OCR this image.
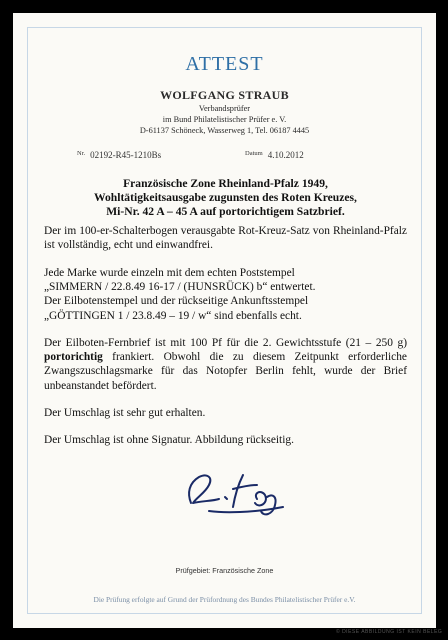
ATTEST
WOLFGANG STRAUB
Verbandsprüfer
im Bund Philatelistischer Prüfer e. V.
D-61137 Schöneck, Wasserweg 1, Tel. 06187 4445
$^{Nr.}$ 02192-R45-1210Bs	$^{Datum}$ 4.10.2012
Französische Zone Rheinland-Pfalz 1949,
Wohltätigkeitsausgabe zugunsten des Roten Kreuzes,
Mi-Nr. 42 A – 45 A auf portorichtigem Satzbrief.
Der im 100-er-Schalterbogen verausgabte Rot-Kreuz-Satz von Rheinland-Pfalz ist vollständig, echt und einwandfrei.
Jede Marke wurde einzeln mit dem echten Poststempel
„SIMMERN / 22.8.49 16-17 / (HUNSRÜCK) b“ entwertet.
Der Eilbotenstempel und der rückseitige Ankunftsstempel
„GÖTTINGEN 1 / 23.8.49 – 19 / w“ sind ebenfalls echt.
Der Eilboten-Fernbrief ist mit 100 Pf für die 2. Gewichtsstufe (21 – 250 g) portorichtig frankiert. Obwohl die zu diesem Zeitpunkt erforderliche Zwangszuschlagsmarke für das Notopfer Berlin fehlt, wurde der Brief unbeanstandet befördert.
Der Umschlag ist sehr gut erhalten.
Der Umschlag ist ohne Signatur. Abbildung rückseitig.
Prüfgebiet: Französische Zone
Die Prüfung erfolgte auf Grund der Prüfordnung des Bundes Philatelistischer Prüfer e.V.
© DIESE ABBILDUNG IST KEIN BELEG
